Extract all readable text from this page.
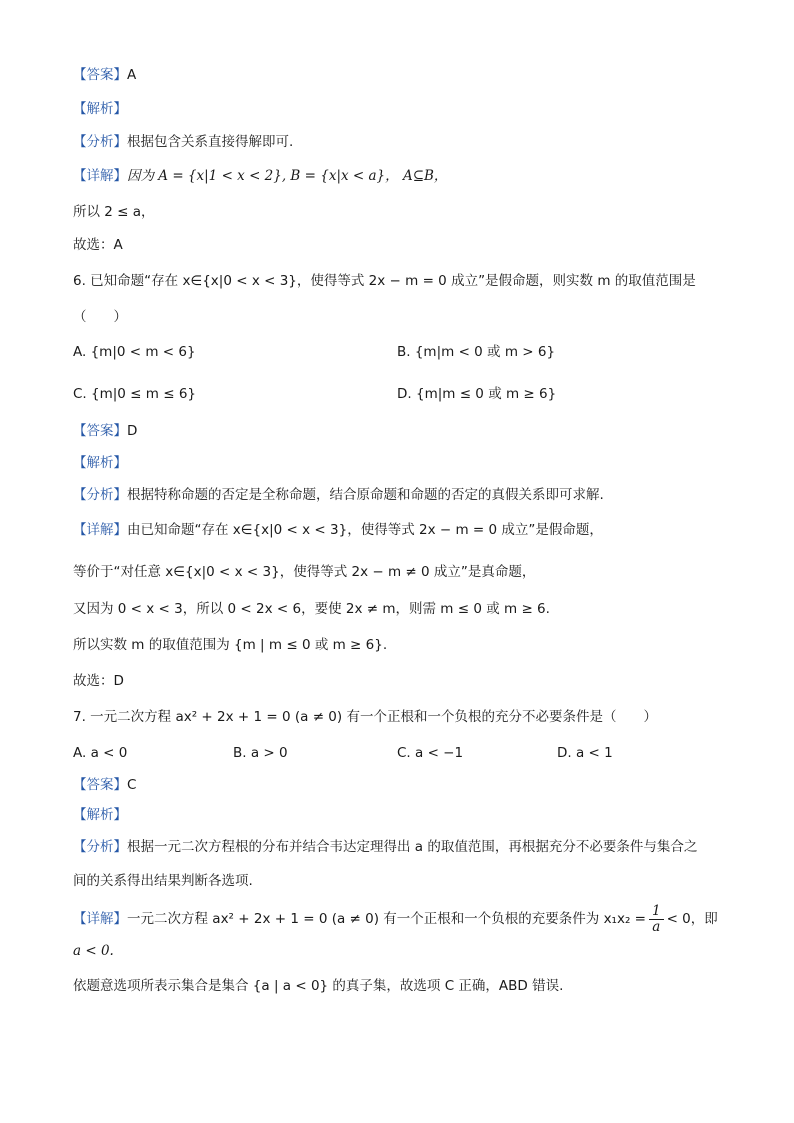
【答案】A
【解析】
【分析】根据包含关系直接得解即可.
【详解】因为 A = {x|1 < x < 2}, B = {x|x < a}， A⊆B，
所以 2 ≤ a，
故选：A
6. 已知命题“存在 x∈{x|0 < x < 3}，使得等式 2x − m = 0 成立”是假命题，则实数 m 的取值范围是
（　　）
A. {m|0 < m < 6}	B. {m|m < 0 或 m > 6}
C. {m|0 ≤ m ≤ 6}	D. {m|m ≤ 0 或 m ≥ 6}
【答案】D
【解析】
【分析】根据特称命题的否定是全称命题，结合原命题和命题的否定的真假关系即可求解.
【详解】由已知命题“存在 x∈{x|0 < x < 3}，使得等式 2x − m = 0 成立”是假命题，
等价于“对任意 x∈{x|0 < x < 3}，使得等式 2x − m ≠ 0 成立”是真命题，
又因为 0 < x < 3，所以 0 < 2x < 6，要使 2x ≠ m，则需 m ≤ 0 或 m ≥ 6.
所以实数 m 的取值范围为 {m | m ≤ 0 或 m ≥ 6}.
故选：D
7. 一元二次方程 ax² + 2x + 1 = 0 (a ≠ 0) 有一个正根和一个负根的充分不必要条件是（　　）
A. a < 0	B. a > 0	C. a < −1	D. a < 1
【答案】C
【解析】
【分析】根据一元二次方程根的分布并结合韦达定理得出 a 的取值范围，再根据充分不必要条件与集合之
间的关系得出结果判断各选项.
【详解】一元二次方程 ax² + 2x + 1 = 0 (a ≠ 0) 有一个正根和一个负根的充要条件为 $x_1x_2 = \frac{1}{a} < 0$，即
a < 0.
依题意选项所表示集合是集合 {a | a < 0} 的真子集，故选项 C 正确，ABD 错误.
